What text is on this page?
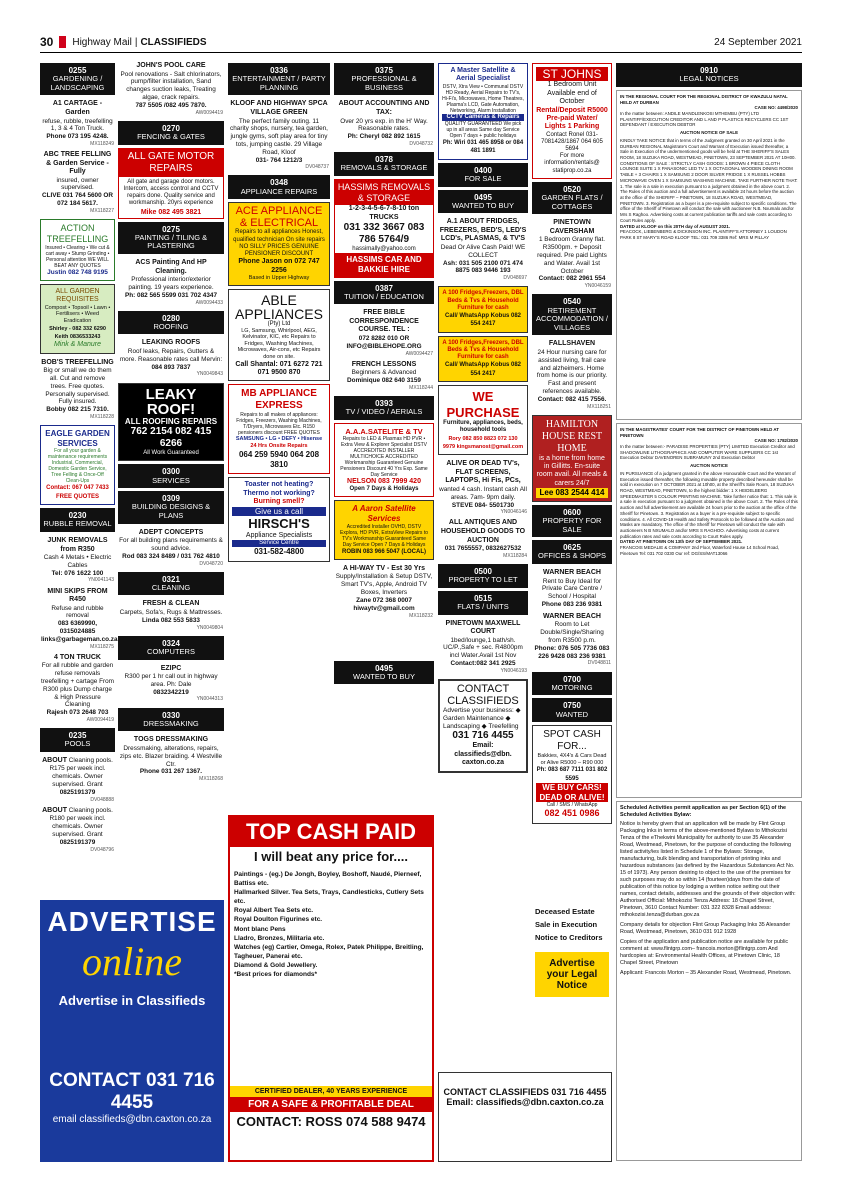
30 Highway Mail | CLASSIFIEDS	24 September 2021
0255
GARDENING / LANDSCAPING
A1 CARTAGE - Garden
refuse, rubble, treefelling 1, 3 & 4 Ton Truck.
Phone 073 195 4248.
MX118249
ABC TREE FELLING & Garden Service - Fully
insured, owner supervised.
CLIVE 031 764 5600 OR 072 184 5617.
MX118227
ACTION TREEFELLING
Insured • Clearing • We cut & cart away • Stump Grinding • Personal attention WE WILL BEAT ANY QUOTES
Justin 082 748 9195
ALL GARDEN REQUISITES
Compost • Topsoil • Lawn • Fertilisers • Weed Eradication
Shirley - 082 332 6290 Keith 0836533243
Mink & Manure
BOB'S TREEFELLING
Big or small we do them all. Cut and remove trees. Free quotes. Personally supervised. Fully insured.
Bobby 082 215 7310.
MX118228
EAGLE GARDEN SERVICES
For all your garden & maintenance requirements Industrial, Commercial, Domestic Garden Service, Tree Felling & Once-Off Clean-Ups
Contact: 067 047 7433 FREE QUOTES
0230
RUBBLE REMOVAL
JUNK REMOVALS from R350
Cash 4 Metals • Electric Cables
Tel: 076 1622 100
YN0041143
MINI SKIPS FROM R450
Refuse and rubble removal
083 6369990, 0315024885 links@garbageman.co.za
MX118275
4 TON TRUCK
For all rubble and garden refuse removals treefelling + cartage From R300 plus Dump charge & High Pressure Cleaning
Rajesh 073 2648 703
AW0094419
0235
POOLS
ABOUT Cleaning pools. R175 per week incl. chemicals. Owner supervised. Grant 0825191379
DV048888
ABOUT Cleaning pools. R180 per week incl. chemicals. Owner supervised. Grant 0825191379
DV048796
JOHN'S POOL CARE
Pool renovations - Salt chlorinators, pump/filter installation, Sand changes suction leaks, Treating algae, crack repairs.
787 5505 /082 495 7870.
AW0094419
0270
FENCING & GATES
ALL GATE MOTOR REPAIRS
All gate and garage door motors. Intercom, access control and CCTV repairs done. Quality service and workmanship. 20yrs experience
Mike 082 495 3821
0275
PAINTING / TILING & PLASTERING
ACS Painting And HP Cleaning.
Professional interior/exterior painting. 19 years experience.
Ph: 082 565 5599 031 702 4347
AW0094433
0280
ROOFING
LEAKING ROOFS
Roof leaks, Repairs, Gutters & more. Reasonable rates call Mervin:
084 893 7837
YN0049843
LEAKY ROOF!
ALL ROOFING REPAIRS
762 2154 082 415 6266
All Work Guaranteed
0300
SERVICES
0309
BUILDING DESIGNS & PLANS
ADEPT CONCEPTS
For all building plans requirements & sound advice.
Rod 083 324 8489 / 031 762 4810
DV048720
0321
CLEANING
FRESH & CLEAN
Carpets, Sofa's, Rugs & Mattresses.
Linda 082 553 5833
YN0049804
0324
COMPUTERS
EZIPC
R300 per 1 hr call out in highway area. Ph: Dale
0832342219
YN0044313
0330
DRESSMAKING
TOGS DRESSMAKING
Dressmaking, alterations, repairs, zips etc. Blazer braiding. 4 Westville Ctr.
Phone 031 267 1367.
MX118268
0336
ENTERTAINMENT / PARTY PLANNING
KLOOF AND HIGHWAY SPCA VILLAGE GREEN
The perfect family outing. 11 charity shops, nursery, tea garden, jungle gyms, soft play area for tiny tots, jumping castle. 29 Village Road, Kloof
031- 764 1212/3
DV048737
0348
APPLIANCE REPAIRS
ACE APPLIANCE & ELECTRICAL
Repairs to all appliances Honest, qualified technician On site repairs NO SILLY PRICES GENUINE PENSIONER DISCOUNT
Phone Jason on 072 747 2256
Based in Upper Highway
ABLE APPLIANCES
(Pty) Ltd
LG, Samsung, Whirlpool, AEG, Kelvinator, KIC, etc Repairs to Fridges, Washing Machines, Microwaves, Air-cons, etc Repairs done on site.
Call Shantal: 071 6272 721 071 9500 870
MB APPLIANCE EXPRESS
Repairs to all makes of appliances: Fridges, Freezers, Washing Machines, T/Dryers, Microwaves Etc. R150 pensioners discount FREE QUOTES
SAMSUNG • LG • DEFY • Hisense
24 Hrs Onsite Repairs
064 259 5940 064 208 3810
Toaster not heating?
Thermo not working?
Burning smell?
Give us a call
HIRSCH'S
Appliance Specialists
Service Centre
031-582-4800
0375
PROFESSIONAL & BUSINESS
ABOUT ACCOUNTING AND TAX:
Over 20 yrs exp. in the H' Way. Reasonable rates.
Ph: Cheryl 082 892 1615
DV048732
0378
REMOVALS & STORAGE
HASSIMS REMOVALS & STORAGE
1-2-3-4-5-6-7-8-10 ton TRUCKS
031 332 3667 083 786 5764/9
hassimally@yahoo.com
HASSIMS CAR AND BAKKIE HIRE
0387
TUITION / EDUCATION
FREE BIBLE CORRESPONDENCE COURSE. TEL :
072 8282 010 OR INFO@BIBLEHOPE.ORG
AW0094427
FRENCH LESSONS
Beginners & Advanced
Dominique 082 640 3159
MX118244
0393
TV / VIDEO / AERIALS
A.A.A.SATELITE & TV
Repairs to LED & Plasmas HD PVR • Extra View & Explorer Specialist DSTV ACCREDITED INSTALLER MULTICHOICE ACCREDITED Workmanship Guaranteed Genuine Pensioners Discount 40 Yrs Exp. Same Day Service
NELSON 083 7999 420
Open 7 Days & Holidays
A Aaron Satellite Services
Accredited Installer OVHD, DSTV Explora, HD PVR, ExtraView Repairs to TV's Workmanship Guaranteed Same Day Service Open 7 Days & Holidays
ROBIN 083 966 5047 (LOCAL)
A HI-WAY TV - Est 30 Yrs
Supply/Installation & Setup DSTV, Smart TV's, Apple, Android TV Boxes, Inverters
Zane 072 368 0007 hiwaytv@gmail.com
MX118232
0495
WANTED TO BUY
A Master Satellite & Aerial Specialist
DSTV, Xtra View • Communal DSTV HD Ready, Aerial Repairs to TV's, Hi-Fi's, Microwaves, Home Theatres, Plasma's LCD, Gate Automation, Networking, Alarm Installation
CCTV Cameras & Repairs
QUALITY GUARANTEED We pick up in all areas Same day Service Open 7 days + public holidays
Ph: Wiri 031 465 8958 or 084 481 1891
0400
FOR SALE
0495
WANTED TO BUY
A.1 ABOUT FRIDGES, FREEZERS, BED'S, LED'S LCD's, PLASMAS, & TV'S
Dead Or Alive Cash Paid! WE COLLECT
Ash: 031 505 2100 071 474 8875 083 9446 193
DV048697
A 100 Fridges,Freezers, DBL Beds & Tvs & Household Furniture for cash
Call/ WhatsApp Kobus 082 554 2417
A 100 Fridges,Freezers, DBL Beds & Tvs & Household Furniture for cash
Call/ WhatsApp Kobus 082 554 2417
WE PURCHASE
Furniture, appliances, beds, household tools
Rory 082 850 8823 072 130 9979 kingsmanost@gmail.com
ALIVE OR DEAD TV's, FLAT SCREENS, LAPTOPS, Hi Fis, PCs,
wanted 4 cash. Instant cash All areas. 7am- 9pm daily.
STEVE 084- 5501730
YN0046146
ALL ANTIQUES AND HOUSEHOLD GOODS TO AUCTION
031 7655557, 0832627532
MX118284
0500
PROPERTY TO LET
0515
FLATS / UNITS
PINETOWN MAXWELL COURT
1bed/lounge,1 bath/sh. UC/P.,Safe + sec. R4800pm incl Water.Avail 1st Nov
Contact:082 341 2925
YN0046193
CONTACT CLASSIFIEDS
Advertise your business: ◆ Garden Maintenance ◆ Landscaping ◆ Treefelling
031 716 4455
Email: classifieds@dbn. caxton.co.za
ST JOHNS
1 Bedroom Unit Available end of October
Rental/Deposit R5000 Pre-paid Water/ Lights 1 Parking
Contact Ronel 031-7081428/1867 064 605 5694
For more information/rentals@ statiprop.co.za
0520
GARDEN FLATS / COTTAGES
PINETOWN CAVERSHAM
1 Bedroom Granny flat. R3500pm. + Deposit required. Pre paid Lights and Water. Avail 1st October
Contact: 082 2961 554
YN0046159
0540
RETIREMENT ACCOMMODATION / VILLAGES
FALLSHAVEN
24 Hour nursing care for assisted living, frail care and alzheimers. Home from home is our priority. Fast and present references available.
Contact: 082 415 7556.
MX118251
HAMILTON HOUSE REST HOME
is a home from home in Gillitts. En-suite room avail. All meals & carers 24/7
Lee 083 2544 414
0600
PROPERTY FOR SALE
0625
OFFICES & SHOPS
WARNER BEACH
Rent to Buy Ideal for Private Care Centre / School / Hospital
Phone 083 236 9381
WARNER BEACH
Room to Let Double/Single/Sharing from R3500 p.m.
Phone: 076 505 7736 083 226 9428 083 236 9381
DV048811
0700
MOTORING
0750
WANTED
SPOT CASH FOR...
Bakkies, 4X4's & Cars Dead or Alive R5000 – R90 000
Ph: 083 687 7111 031 802 5595
WE BUY CARS! DEAD OR ALIVE!
Call / SMS / WhatsApp
082 451 0986
0910
LEGAL NOTICES
IN THE REGIONAL COURT FOR THE REGIONAL DISTRICT OF KWAZULU NATAL HELD AT DURBAN
CASE NO: 4498/2020
In the matter between: ANDILE MANDLENKOSI MTHEMBU (PTY) LTD PLAINTIFF/EXECUTION CREDITOR AND L AND P PLASTICS RECYCLERS CC 1ST DEFENDANT / EXECUTION DEBTOR
AUCTION NOTICE OF SALE
KINDLY TAKE NOTICE that in terms of the Judgment granted on 30 April 2021 in the DURBAN REGIONAL Magistrate's Court and Warrant of Execution issued thereafter, a Sale in Execution of the undermentioned goods will be held at THE SHERIFF'S SALES ROOM, 18 SUZUKA ROAD, WESTMEAD, PINETOWN, 23 SEPTEMBER 2021 AT 10H00. CONDITIONS OF SALE : STRICTLY CASH GOODS: 1 BROWN 4 PIECE CLOTH LOUNGE SUITE 1 X PANASONIC LED TV 1 X OCTAGONAL WOODEN DINING ROOM TABLE + 3 CHAIRS 1 X SAMSUNG 2 DOOR SILVER FRIDGE 1 X RUSSEL HOBBS MICROWAVE OVEN 1 X SAMSUNG WASHING MACHINE. TAKE FURTHER NOTE THAT: 1. The sale is a sale in execution pursuant to a judgment obtained in the above court. 2. The Rules of this auction and a full advertisement is available 24 hours before the auction at the office of the SHERIFF – PINETOWN, 18 SUZUKA ROAD, WESTMEAD, PINETOWN. 3. Registration as a buyer is a pre-requisite subject to specific conditions. The office of the Sheriff of Pinetown will conduct the sale with auctioneer N.B. Nxumalo and/or Mrs S Raghoo. Advertising costs at current publication tariffs and sale costs according to Court Rules apply.
DATED at KLOOF on this 20TH day of AUGUST 2021.
PEACOCK, LIEBENBERG & DICKINSON INC. PLAINTIFF'S ATTORNEY 1 LOUDON PARK 8 ST MARY'S ROAD KLOOF TEL: 031 709 3386 Ref: MRS M PILLAY
IN THE MAGISTRATES' COURT FOR THE DISTRICT OF PINETOWN HELD AT PINETOWN
CASE NO: 1782/2020
In the matter between:- PARADISE PROPERTIES (PTY) LIMITED Execution Creditor and SHADOWLINE LITHOGRAPHICS AND COMPUTER WARE SUPPLIERS CC 1st Execution Debtor DAVENOREN SUBRAMUNY 2nd Execution Debtor
AUCTION NOTICE
IN PURSUANCE of a judgment granted in the above Honourable Court and the Warrant of Execution issued thereafter, the following movable property described hereunder shall be sold in execution on 7 OCTOBER 2021 at 10h00, at the Sheriff's Sale Room, 18 SUZUKA ROAD, WESTMEAD, PINETOWN, to the highest bidder: 1 X HEIDELBERG SPEEDMASTER 5 COLOUR PRINTING MACHINE. Take further notice that: 1. This sale is a sale in execution pursuant to a judgment obtained in the above Court. 2. The Rules of this auction and full advertisement are available 24 hours prior to the auction at the office of the Sheriff for Pinetown. 3. Registration as a buyer is a pre-requisite subject to specific conditions. 4. All COVID-19 Health and Safety Protocols to be followed at the Auction and Masks are mandatory. The office of the Sheriff for Pinetown will conduct the sale with auctioneers N B NXUMALO and/or MRS S RAGHOO. Advertising costs at current publication rates and sale costs according to Court Rules apply.
DATED AT PINETOWN ON 13th DAY OF SEPTEMBER 2021.
FRANCOIS MEDALIE & COMPANY 2nd Floor, Waterford House 14 School Road, Pinetown Tel: 031 702 0330 Our ref: DG/SS/MAT13066
Scheduled Activities permit application as per Section 6(1) of the Scheduled Activities Bylaw:
Notice is hereby given that an application will be made by Flint Group Packaging Inks in terms of the above-mentioned Bylaws to Mthokozisi Tenza of the eThekwini Municipality for authority to use 35 Alexander Road, Westmead, Pinetown, for the purpose of conducting the following listed activity/ies listed in Schedule 1 of the Bylaws: Storage, manufacturing, bulk blending and transportation of printing inks and hazardous substances (as defined by the Hazardous Substances Act No. 15 of 1973). Any person desiring to object to the use of the premises for such purposes may do so within 14 (fourteen)days from the date of publication of this notice by lodging a written notice setting out their names, contact details, addresses and the grounds of their objection with: Authorised Official: Mthokozisi Tenza Address: 18 Chapel Street, Pinetown, 3610 Contact Number: 031 322 8328 Email address: mthokozisi.tenza@durban.gov.za
Company details for objection Flint Group Packaging Inks 35 Alexander Road, Westmead, Pinetown, 3610 031 912 1928
Copies of the application and publication notice are available for public comment at: www.flintgrp.com– francois.morton@flintgrp.com And hardcopies at: Environmental Health Offices, at Pinetown Clinic, 18 Chapel Street, Pinetown
Applicant: Francois Morton – 35 Alexander Road, Westmead, Pinetown.
ADVERTISE
online
Advertise in Classifieds
CONTACT 031 716 4455
email classifieds@dbn.caxton.co.za
TOP CASH PAID
I will beat any price for....
Paintings - (eg.) De Jongh, Boyley, Boshoff, Naudé, Pierneef, Battiss etc.
Hallmarked Silver. Tea Sets, Trays, Candlesticks, Cutlery Sets etc.
Royal Albert Tea Sets etc.
Royal Doulton Figurines etc.
Mont blanc Pens
Lladro, Bronzes, Militaria etc.
Watches (eg) Cartier, Omega, Rolex, Patek Philippe, Breitling, Tagheuer, Panerai etc.
Diamond & Gold Jewellery.
*Best prices for diamonds*
CERTIFIED DEALER, 40 YEARS EXPERIENCE
FOR A SAFE & PROFITABLE DEAL
CONTACT: ROSS 074 588 9474
CONTACT CLASSIFIEDS 031 716 4455
Email: classifieds@dbn.caxton.co.za
Deceased Estate
Sale in Execution
Notice to Creditors
Advertise your Legal Notice
